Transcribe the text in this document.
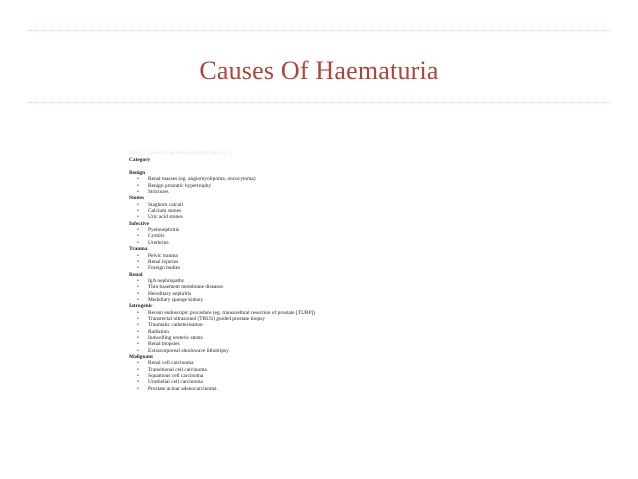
Causes Of Haematuria
Table 1: Causes of haematuria (adapted from ref. 1)
Category
Benign
• Renal masses (eg. angiomyolipoma, oncocytoma)
• Benign prostatic hypertrophy
• Strictures
Stones
• Staghorn calculi
• Calcium stones
• Uric acid stones
Infective
• Pyelonephritis
• Cystitis
• Urethritis
Trauma
• Pelvic trauma
• Renal injuries
• Foreign bodies
Renal
• IgA nephropathy
• Thin basement membrane diseases
• Hereditary nephritis
• Medullary sponge kidney
Iatrogenic
• Recent endoscopic procedure (eg. transurethral resection of prostate [TURP])
• Transrectal ultrasound (TRUS) guided prostate biopsy
• Traumatic catheterisation
• Radiation
• Indwelling ureteric stents
• Renal biopsies
• Extracorporeal shockwave lithotripsy
Malignant
• Renal cell carcinoma
• Transitional cell carcinoma
• Squamous cell carcinoma
• Urothelial cell carcinoma
• Prostate acinar adenocarcinoma
